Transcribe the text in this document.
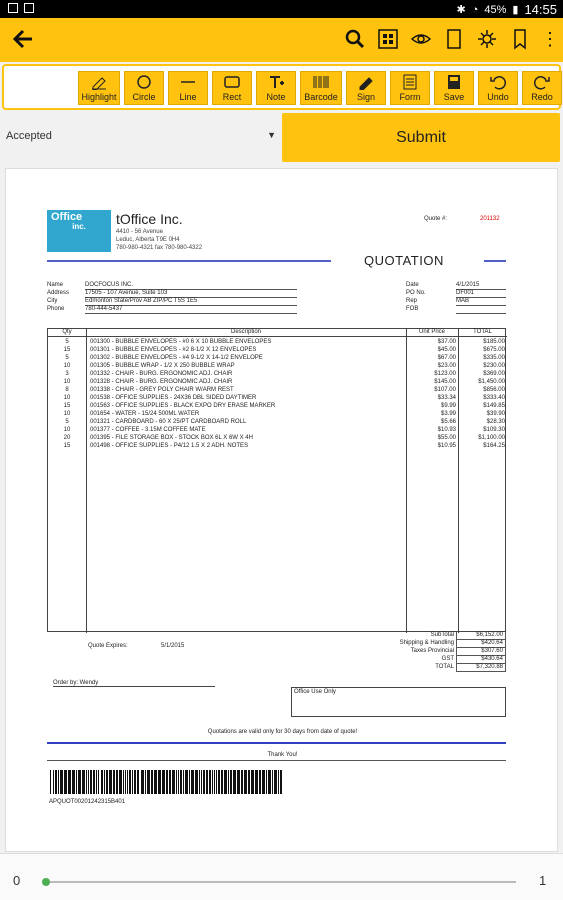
✱ ◔ 45% ▮ 14:55
⋮
Highlight Circle	Line	Rect	Note Barcode Sign	Form	Save	Undo Redo
Accepted	▼	Submit
Office
inc.	tOffice Inc.
4410 - 56 Avenue
Leduc, Alberta T9E 0H4
780-980-4321 fax 780-980-4322
Quote #:	201132
QUOTATION
Name	DOCFOCUS INC.
Address	17505 - 107 Avenue, Suite 103
City	Edmonton State/Prov AB ZIP/PC T5S 1E5
Phone	780-444-5437
Date	4/1/2015
PO No.	DF001
Rep	MAB
FOB
Qty	Description	Unit Price	TOTAL
5	001300 - BUBBLE ENVELOPES - #0 6 X 10 BUBBLE ENVELOPES	$37.00	$185.00
15	001301 - BUBBLE ENVELOPES - #2 8-1/2 X 12 ENVELOPES	$45.00	$675.00
5	001302 - BUBBLE ENVELOPES - #4 9-1/2 X 14-1/2 ENVELOPE	$67.00	$335.00
10	001305 - BUBBLE WRAP - 1/2 X 250 BUBBLE WRAP	$23.00	$230.00
3	001332 - CHAIR - BURG. ERGONOMIC ADJ. CHAIR	$123.00	$369.00
10	001328 - CHAIR - BURG. ERGONOMIC ADJ. CHAIR	$145.00	$1,450.00
8	001338 - CHAIR - GREY POLY CHAIR W/ARM REST	$107.00	$856.00
10	001538 - OFFICE SUPPLIES - 24X36 DBL SIDED DAYTIMER	$33.34	$333.40
15	001563 - OFFICE SUPPLIES - BLACK EXPO DRY ERASE MARKER	$9.99	$149.85
10	001654 - WATER - 15/24 500ML WATER	$3.99	$39.90
5	001321 - CARDBOARD - 60 X 25/PT CARDBOARD ROLL	$5.66	$28.30
10	001377 - COFFEE - 3.15M COFFEE MATE	$10.93	$109.30
20	001395 - FILE STORAGE BOX - STOCK BOX 6L X 6W X 4H	$55.00	$1,100.00
15	001498 - OFFICE SUPPLIES - P4/12 1.5 X 2 ADH. NOTES	$10.95	$164.25
Quote Expires:	5/1/2015
SubTotal	$6,152.00
Shipping & Handling	$420.64
Taxes Provincial	$307.60
GST	$430.64
TOTAL	$7,320.88
Order by: Wendy
Office Use Only
Quotations are valid only for 30 days from date of quote!
Thank You!
APQUOT00201242315B401
0	1
